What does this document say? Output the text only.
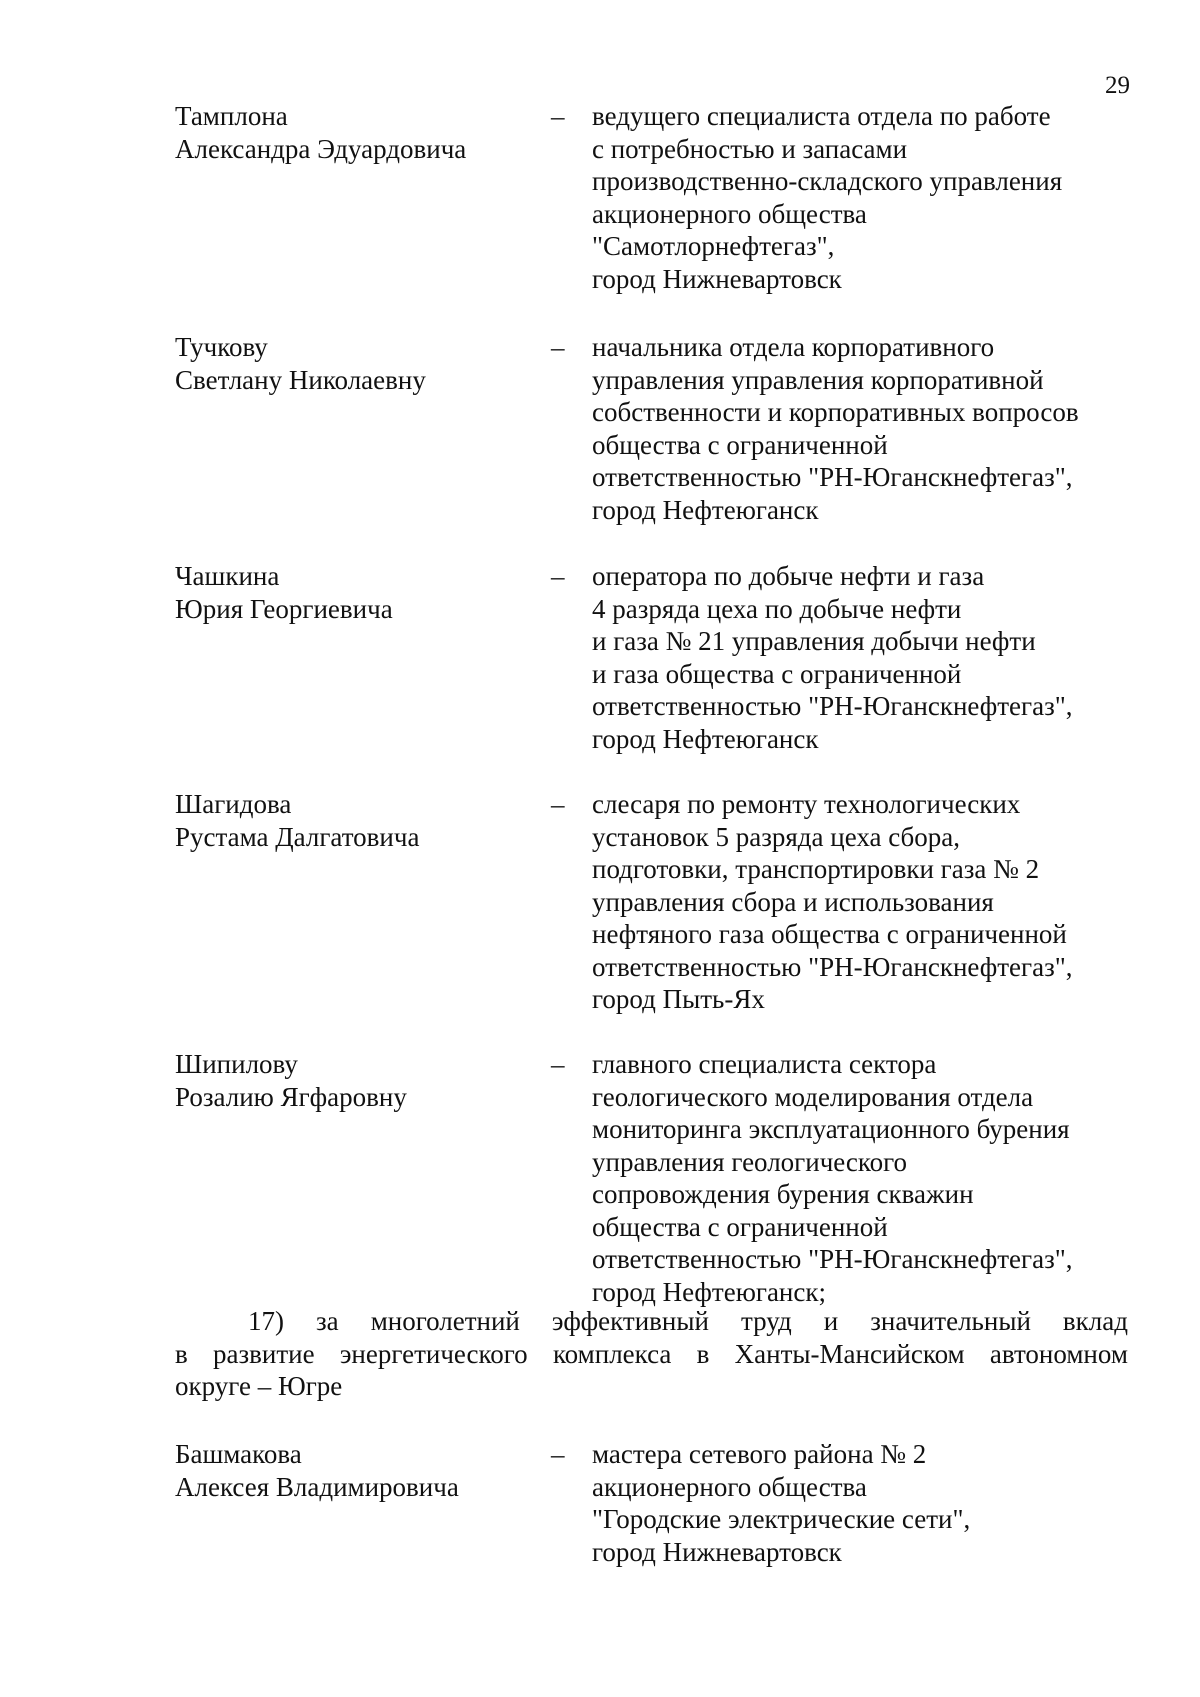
29
Тамплона
Александра Эдуардовича
– ведущего специалиста отдела по работе
с потребностью и запасами
производственно-складского управления
акционерного общества
"Самотлорнефтегаз",
город Нижневартовск
Тучкову
Светлану Николаевну
– начальника отдела корпоративного
управления управления корпоративной
собственности и корпоративных вопросов
общества с ограниченной
ответственностью "РН-Юганскнефтегаз",
город Нефтеюганск
Чашкина
Юрия Георгиевича
– оператора по добыче нефти и газа
4 разряда цеха по добыче нефти
и газа № 21 управления добычи нефти
и газа общества с ограниченной
ответственностью "РН-Юганскнефтегаз",
город Нефтеюганск
Шагидова
Рустама Далгатовича
– слесаря по ремонту технологических
установок 5 разряда цеха сбора,
подготовки, транспортировки газа № 2
управления сбора и использования
нефтяного газа общества с ограниченной
ответственностью "РН-Юганскнефтегаз",
город Пыть-Ях
Шипилову
Розалию Ягфаровну
– главного специалиста сектора
геологического моделирования отдела
мониторинга эксплуатационного бурения
управления геологического
сопровождения бурения скважин
общества с ограниченной
ответственностью "РН-Юганскнефтегаз",
город Нефтеюганск;
17) за многолетний эффективный труд и значительный вклад
в развитие энергетического комплекса в Ханты-Мансийском автономном
округе – Югре
Башмакова
Алексея Владимировича
– мастера сетевого района № 2
акционерного общества
"Городские электрические сети",
город Нижневартовск
